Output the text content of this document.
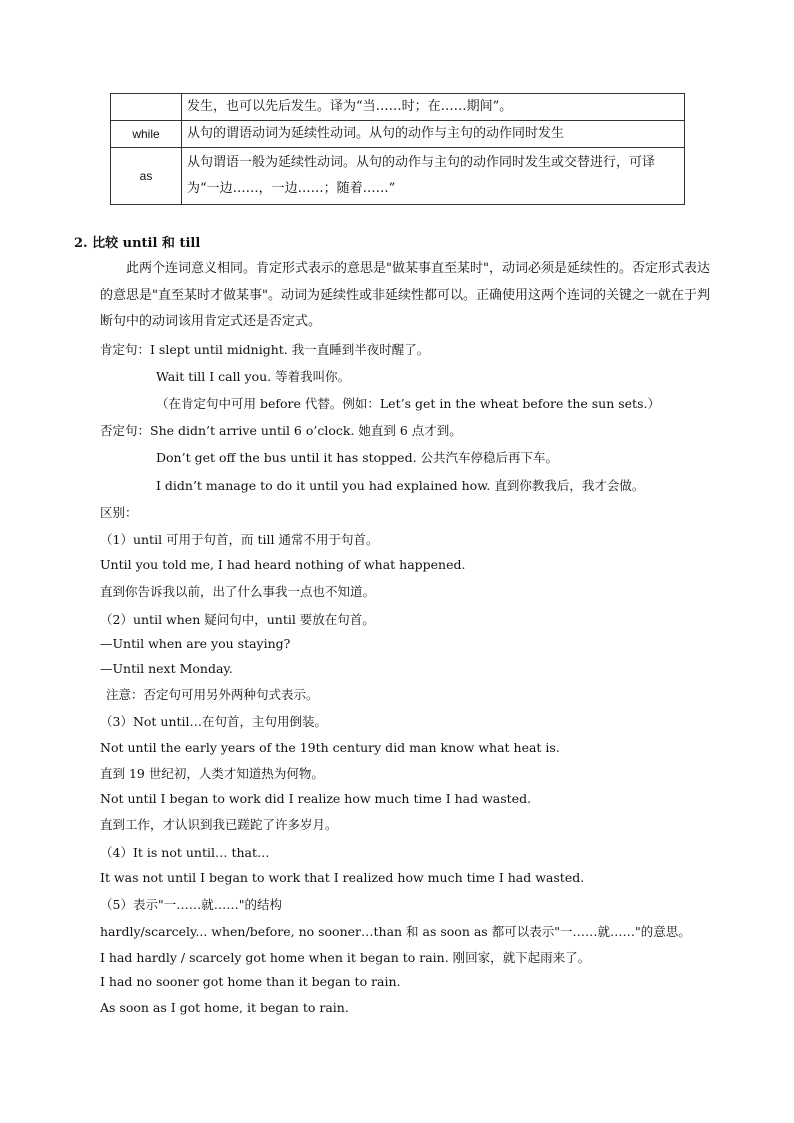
	发生，也可以先后发生。译为“当……时；在……期间”。
while	从句的谓语动词为延续性动词。从句的动作与主句的动作同时发生
as	从句谓语一般为延续性动词。从句的动作与主句的动作同时发生或交替进行，可译为“一边……，一边……；随着……”
2. 比较 until 和 till
此两个连词意义相同。肯定形式表示的意思是"做某事直至某时"，动词必须是延续性的。否定形式表达的意思是"直至某时才做某事"。动词为延续性或非延续性都可以。正确使用这两个连词的关键之一就在于判断句中的动词该用肯定式还是否定式。
肯定句：I slept until midnight. 我一直睡到半夜时醒了。
Wait till I call you. 等着我叫你。
（在肯定句中可用 before 代替。例如：Let’s get in the wheat before the sun sets.）
否定句：She didn’t arrive until 6 o’clock. 她直到 6 点才到。
Don’t get off the bus until it has stopped. 公共汽车停稳后再下车。
I didn’t manage to do it until you had explained how. 直到你教我后，我才会做。
区别：
（1）until 可用于句首，而 till 通常不用于句首。
Until you told me, I had heard nothing of what happened.
直到你告诉我以前，出了什么事我一点也不知道。
（2）until when 疑问句中，until 要放在句首。
—Until when are you staying?
—Until next Monday.
注意：否定句可用另外两种句式表示。
（3）Not until…在句首，主句用倒装。
Not until the early years of the 19th century did man know what heat is.
直到 19 世纪初，人类才知道热为何物。
Not until I began to work did I realize how much time I had wasted.
直到工作，才认识到我已蹉跎了许多岁月。
（4）It is not until… that…
It was not until I began to work that I realized how much time I had wasted.
（5）表示"一……就……"的结构
hardly/scarcely... when/before, no sooner…than 和 as soon as 都可以表示"一……就……"的意思。
I had hardly / scarcely got home when it began to rain. 刚回家，就下起雨来了。
I had no sooner got home than it began to rain.
As soon as I got home, it began to rain.
